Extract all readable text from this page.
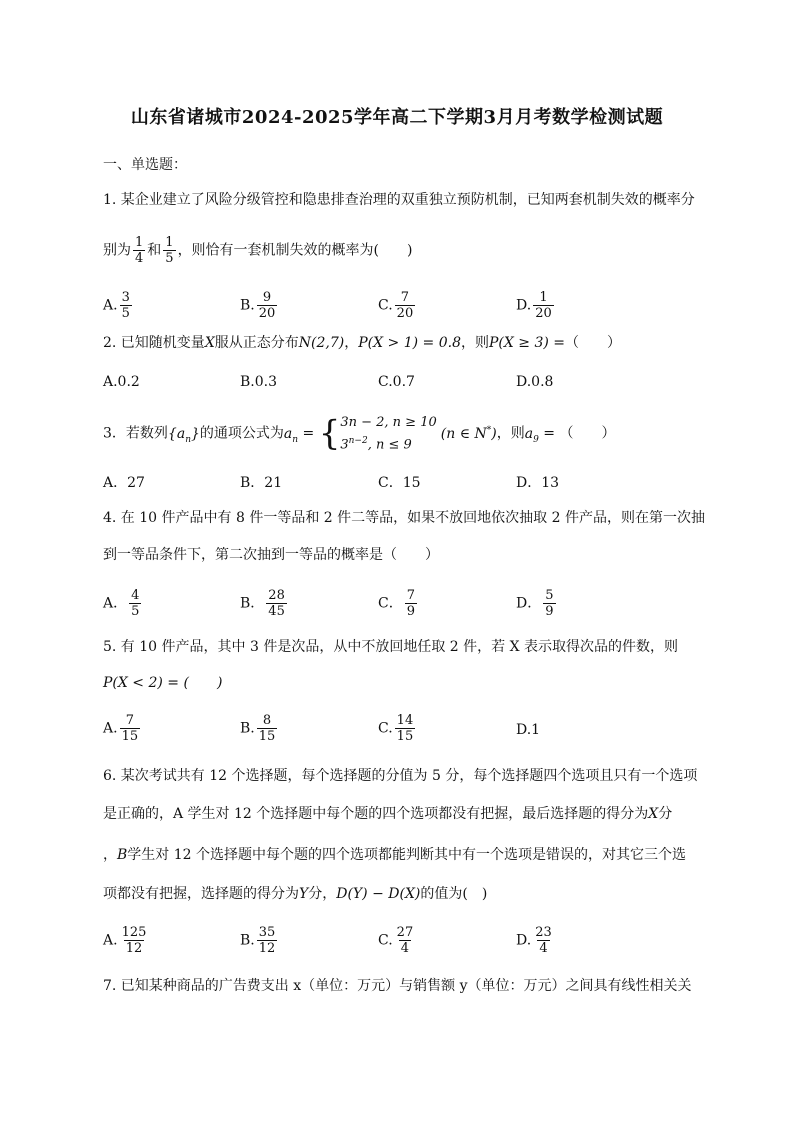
山东省诸城市2024-2025学年高二下学期3月月考数学检测试题
一、单选题：
1. 某企业建立了风险分级管控和隐患排查治理的双重独立预防机制，已知两套机制失效的概率分
别为 $\frac{1}{4}$ 和 $\frac{1}{5}$ ，则恰有一套机制失效的概率为(　　)
A. $\frac{3}{5}$	B. $\frac{9}{20}$	C. $\frac{7}{20}$	D. $\frac{1}{20}$
2. 已知随机变量X服从正态分布N(2,7)，P(X > 1) = 0.8，则P(X ≥ 3) =（　　）
A.0.2	B.0.3	C.0.7	D.0.8
3．若数列$\{a_n\}$的通项公式为$a_n$ = { 3n − 2, n ≥ 10
$3^{n-2}$, n ≤ 9
(n ∈ N*)，则$a_9$ = （　　）
A．27	B．21	C．15	D．13
4. 在 10 件产品中有 8 件一等品和 2 件二等品，如果不放回地依次抽取 2 件产品，则在第一次抽
到一等品条件下，第二次抽到一等品的概率是（　　）
A． $\frac{4}{5}$	B． $\frac{28}{45}$	C． $\frac{7}{9}$	D． $\frac{5}{9}$
5. 有 10 件产品，其中 3 件是次品，从中不放回地任取 2 件，若 X 表示取得次品的件数，则
P(X < 2) = (　　)
A. $\frac{7}{15}$	B. $\frac{8}{15}$	C. $\frac{14}{15}$	D.1
6. 某次考试共有 12 个选择题，每个选择题的分值为 5 分，每个选择题四个选项且只有一个选项
是正确的，A 学生对 12 个选择题中每个题的四个选项都没有把握，最后选择题的得分为X分
，B学生对 12 个选择题中每个题的四个选项都能判断其中有一个选项是错误的，对其它三个选
项都没有把握，选择题的得分为Y分，D(Y) − D(X)的值为(　)
A. $\frac{125}{12}$	B. $\frac{35}{12}$	C. $\frac{27}{4}$	D. $\frac{23}{4}$
7. 已知某种商品的广告费支出 x（单位：万元）与销售额 y（单位：万元）之间具有线性相关关
